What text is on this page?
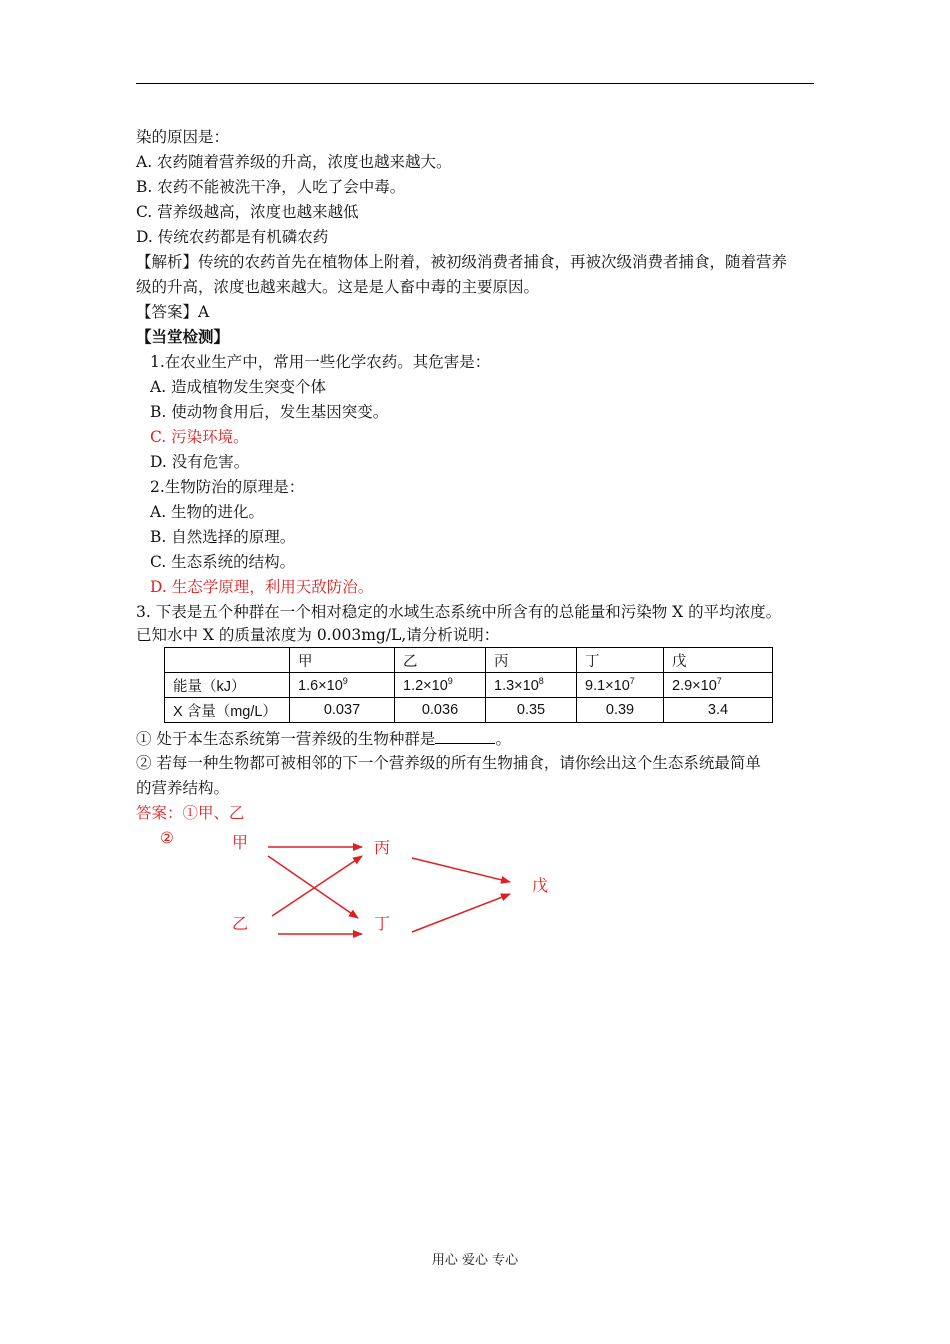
染的原因是：
A. 农药随着营养级的升高，浓度也越来越大。
B. 农药不能被洗干净，人吃了会中毒。
C. 营养级越高，浓度也越来越低
D. 传统农药都是有机磷农药
【解析】传统的农药首先在植物体上附着，被初级消费者捕食，再被次级消费者捕食，随着营养
级的升高，浓度也越来越大。这是是人畜中毒的主要原因。
【答案】A
【当堂检测】
1.在农业生产中，常用一些化学农药。其危害是：
A. 造成植物发生突变个体
B. 使动物食用后，发生基因突变。
C. 污染环境。
D. 没有危害。
2.生物防治的原理是：
A. 生物的进化。
B. 自然选择的原理。
C. 生态系统的结构。
D. 生态学原理，利用天敌防治。
3. 下表是五个种群在一个相对稳定的水域生态系统中所含有的总能量和污染物 X 的平均浓度。
已知水中 X 的质量浓度为 0.003mg/L,请分析说明：
	甲	乙	丙	丁	戊
能量（kJ）	$1.6\times 10^9$	$1.2\times 10^9$	$1.3\times 10^8$	$9.1\times 10^7$	$2.9\times 10^7$
X 含量（mg/L）	0.037	0.036	0.35	0.39	3.4
① 处于本生态系统第一营养级的生物种群是	。
② 若每一种生物都可被相邻的下一个营养级的所有生物捕食，请你绘出这个生态系统最简单
的营养结构。
答案：①甲、乙
②	甲	丙
戊
乙	丁
用心 爱心 专心
